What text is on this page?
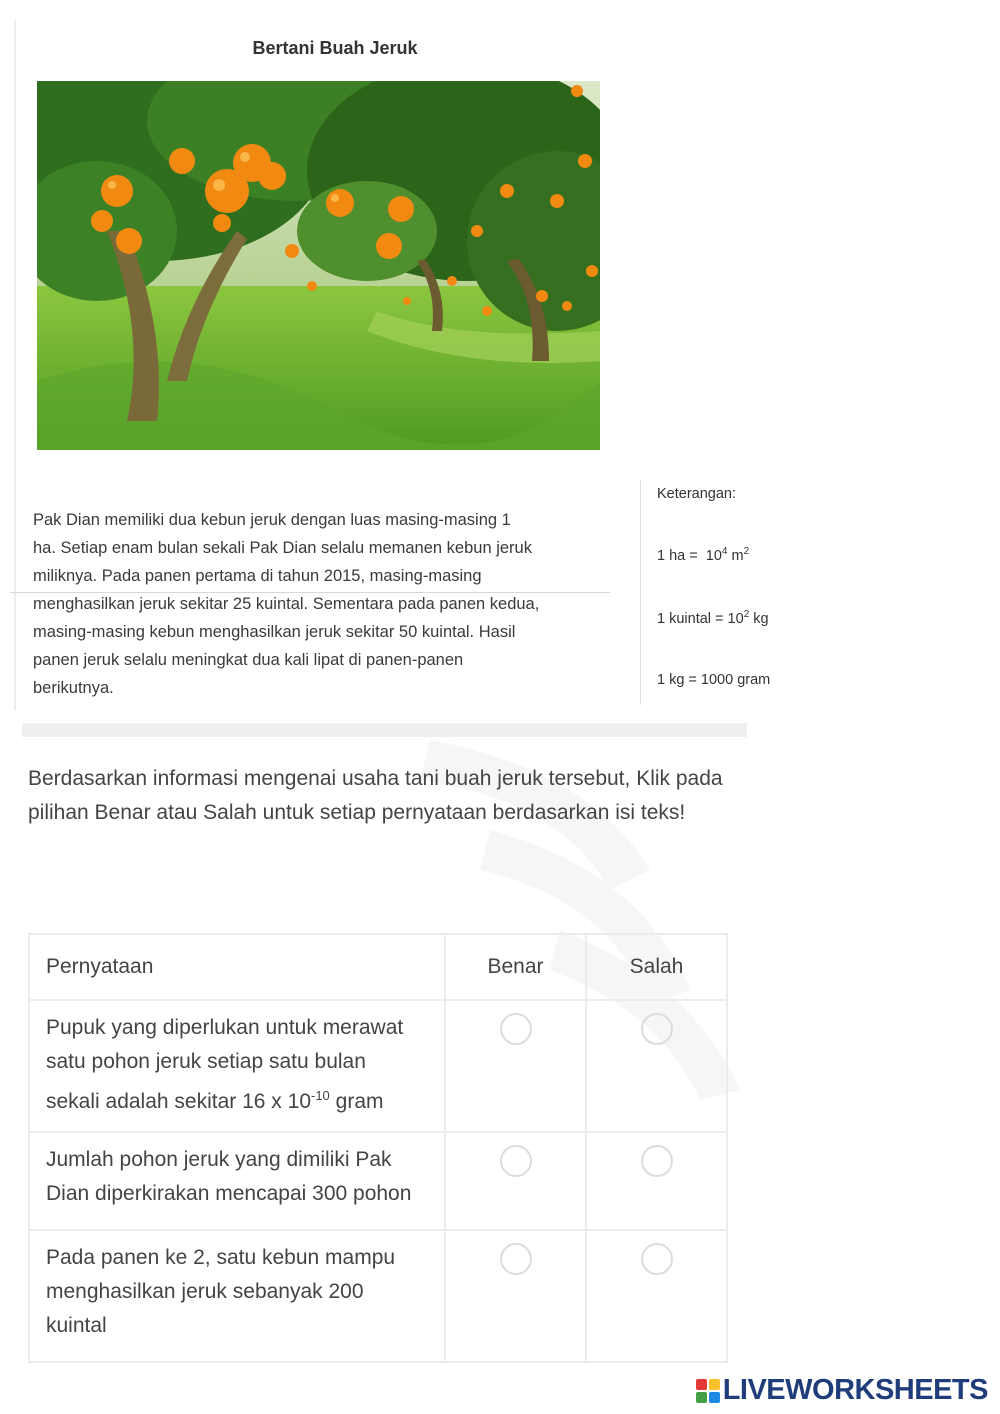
Bertani Buah Jeruk
Pak Dian memiliki dua kebun jeruk dengan luas masing-masing 1
ha. Setiap enam bulan sekali Pak Dian selalu memanen kebun jeruk
miliknya. Pada panen pertama di tahun 2015, masing-masing
menghasilkan jeruk sekitar 25 kuintal. Sementara pada panen kedua,
masing-masing kebun menghasilkan jeruk sekitar 50 kuintal. Hasil
panen jeruk selalu meningkat dua kali lipat di panen-panen
berikutnya.
Keterangan:
1 ha = $10^4$ $m^2$
1 kuintal = $10^2$ kg
1 kg = 1000 gram
Berdasarkan informasi mengenai usaha tani buah jeruk tersebut, Klik pada pilihan Benar atau Salah untuk setiap pernyataan berdasarkan isi teks!
Pernyataan	Benar	Salah

Pupuk yang diperlukan untuk merawat
satu pohon jeruk setiap satu bulan
sekali adalah sekitar 16 x $10^{-10}$ gram		

Jumlah pohon jeruk yang dimiliki Pak
Dian diperkirakan mencapai 300 pohon		

Pada panen ke 2, satu kebun mampu
menghasilkan jeruk sebanyak 200
kuintal		

LIVEWORKSHEETS
